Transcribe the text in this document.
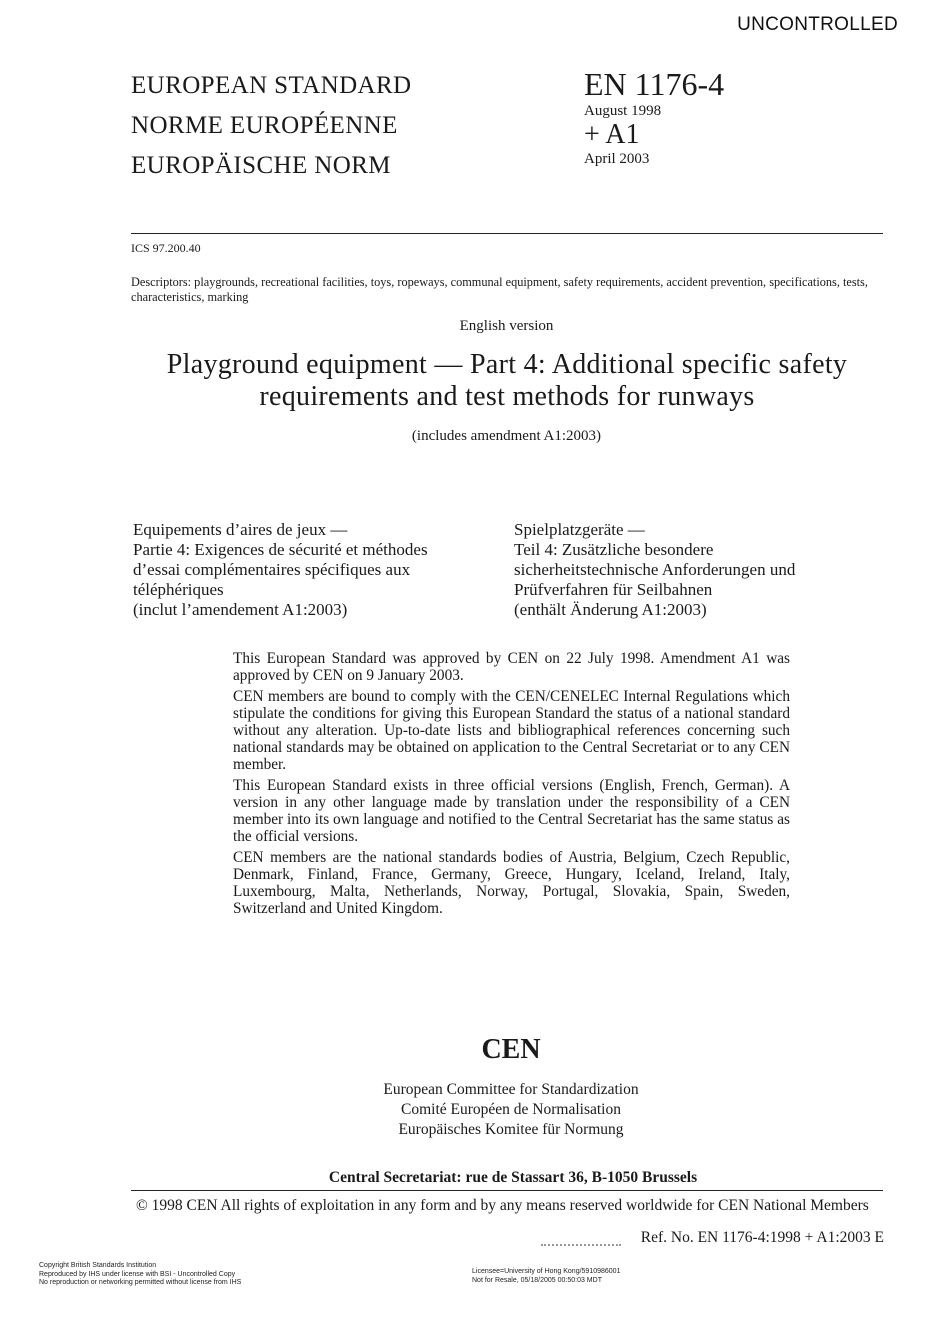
UNCONTROLLED
EUROPEAN STANDARD
NORME EUROPÉENNE
EUROPÄISCHE NORM
EN 1176-4
August 1998
+ A1
April 2003
ICS 97.200.40
Descriptors: playgrounds, recreational facilities, toys, ropeways, communal equipment, safety requirements, accident prevention, specifications, tests, characteristics, marking
English version
Playground equipment — Part 4: Additional specific safety
requirements and test methods for runways
(includes amendment A1:2003)
Equipements d’aires de jeux —
Partie 4: Exigences de sécurité et méthodes
d’essai complémentaires spécifiques aux
téléphériques
(inclut l’amendement A1:2003)
Spielplatzgeräte —
Teil 4: Zusätzliche besondere
sicherheitstechnische Anforderungen und
Prüfverfahren für Seilbahnen
(enthält Änderung A1:2003)

This European Standard was approved by CEN on 22 July 1998. Amendment A1 was approved by CEN on 9 January 2003.

CEN members are bound to comply with the CEN/CENELEC Internal Regulations which stipulate the conditions for giving this European Standard the status of a national standard without any alteration. Up-to-date lists and bibliographical references concerning such national standards may be obtained on application to the Central Secretariat or to any CEN member.

This European Standard exists in three official versions (English, French, German). A version in any other language made by translation under the responsibility of a CEN member into its own language and notified to the Central Secretariat has the same status as the official versions.

CEN members are the national standards bodies of Austria, Belgium, Czech Republic, Denmark, Finland, France, Germany, Greece, Hungary, Iceland, Ireland, Italy, Luxembourg, Malta, Netherlands, Norway, Portugal, Slovakia, Spain, Sweden, Switzerland and United Kingdom.

CEN
European Committee for Standardization
Comité Européen de Normalisation
Europäisches Komitee für Normung
Central Secretariat: rue de Stassart 36, B-1050 Brussels
© 1998 CEN All rights of exploitation in any form and by any means reserved worldwide for CEN National Members
Ref. No. EN 1176-4:1998 + A1:2003 E
Copyright British Standards Institution
Reproduced by IHS under license with BSI - Uncontrolled Copy
No reproduction or networking permitted without license from IHS
Licensee=University of Hong Kong/5910986001
Not for Resale, 05/18/2005 00:50:03 MDT
